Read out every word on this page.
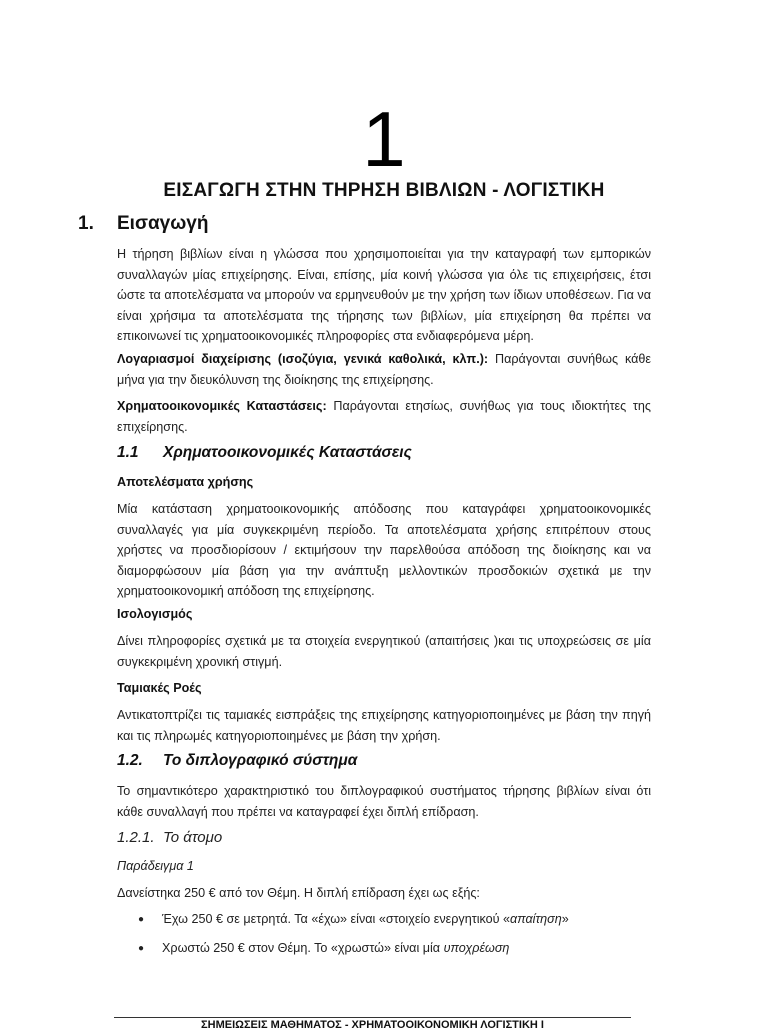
1
ΕΙΣΑΓΩΓΗ ΣΤΗΝ ΤΗΡΗΣΗ ΒΙΒΛΙΩΝ - ΛΟΓΙΣΤΙΚΗ
1. Εισαγωγή

Η τήρηση βιβλίων είναι η γλώσσα που χρησιμοποιείται για την καταγραφή των εμπορικών συναλλαγών μίας επιχείρησης. Είναι, επίσης, μία κοινή γλώσσα για όλε τις επιχειρήσεις, έτσι ώστε τα αποτελέσματα να μπορούν να ερμηνευθούν με την χρήση των ίδιων υποθέσεων. Για να είναι χρήσιμα τα αποτελέσματα της τήρησης των βιβλίων, μία επιχείρηση θα πρέπει να επικοινωνεί τις χρηματοοικονομικές πληροφορίες στα ενδιαφερόμενα μέρη.

Λογαριασμοί διαχείρισης (ισοζύγια, γενικά καθολικά, κλπ.): Παράγονται συνήθως κάθε μήνα για την διευκόλυνση της διοίκησης της επιχείρησης.

Χρηματοοικονομικές Καταστάσεις: Παράγονται ετησίως, συνήθως για τους ιδιοκτήτες της επιχείρησης.

1.1 Χρηματοοικονομικές Καταστάσεις
Αποτελέσματα χρήσης

Μία κατάσταση χρηματοοικονομικής απόδοσης που καταγράφει χρηματοοικονομικές συναλλαγές για μία συγκεκριμένη περίοδο. Τα αποτελέσματα χρήσης επιτρέπουν στους χρήστες να προσδιορίσουν / εκτιμήσουν την παρελθούσα απόδοση της διοίκησης και να διαμορφώσουν μία βάση για την ανάπτυξη μελλοντικών προσδοκιών σχετικά με την χρηματοοικονομική απόδοση της επιχείρησης.

Ισολογισμός

Δίνει πληροφορίες σχετικά με τα στοιχεία ενεργητικού (απαιτήσεις )και τις υποχρεώσεις σε μία συγκεκριμένη χρονική στιγμή.

Ταμιακές Ροές

Αντικατοπτρίζει τις ταμιακές εισπράξεις της επιχείρησης κατηγοριοποιημένες με βάση την πηγή και τις πληρωμές κατηγοριοποιημένες με βάση την χρήση.

1.2. Το διπλογραφικό σύστημα

Το σημαντικότερο χαρακτηριστικό του διπλογραφικού συστήματος τήρησης βιβλίων είναι ότι κάθε συναλλαγή που πρέπει να καταγραφεί έχει διπλή επίδραση.

1.2.1. Το άτομο
Παράδειγμα 1
Δανείστηκα 250 € από τον Θέμη. Η διπλή επίδραση έχει ως εξής:
● Έχω 250 € σε μετρητά. Τα «έχω» είναι «στοιχείο ενεργητικού «απαίτηση»
● Χρωστώ 250 € στον Θέμη. Το «χρωστώ» είναι μία υποχρέωση
ΣΗΜΕΙΩΣΕΙΣ ΜΑΘΗΜΑΤΟΣ - ΧΡΗΜΑΤΟΟΙΚΟΝΟΜΙΚΗ ΛΟΓΙΣΤΙΚΗ I
